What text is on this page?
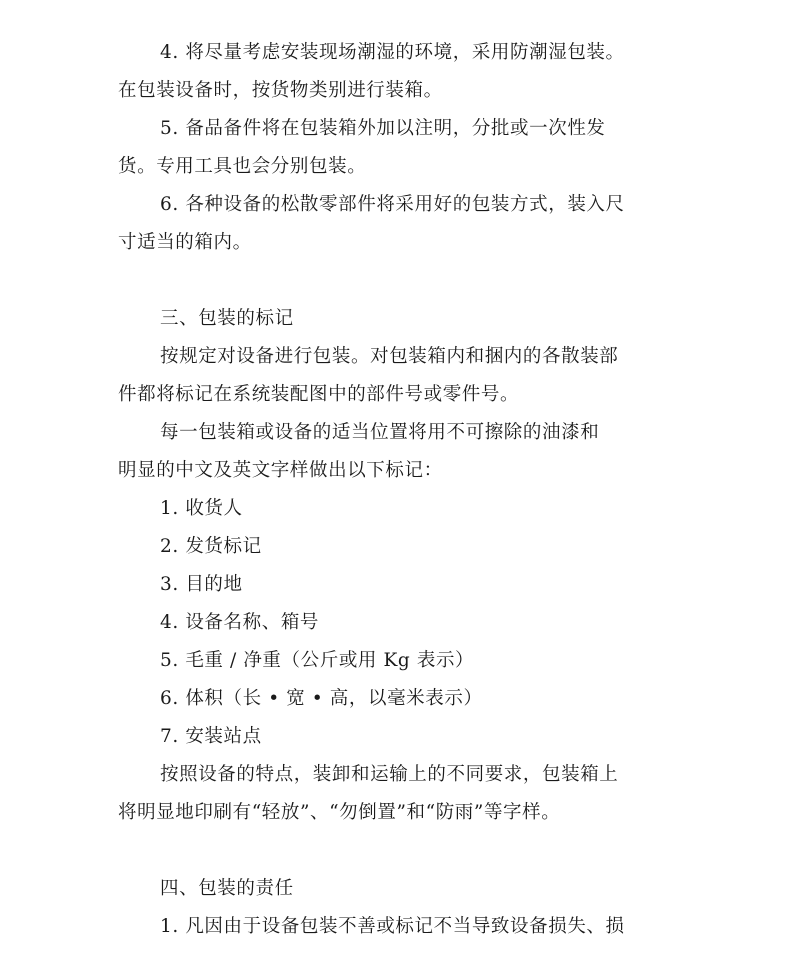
4. 将尽量考虑安装现场潮湿的环境，采用防潮湿包装。
在包装设备时，按货物类别进行装箱。
5. 备品备件将在包装箱外加以注明，分批或一次性发
货。专用工具也会分别包装。
6. 各种设备的松散零部件将采用好的包装方式，装入尺
寸适当的箱内。
三、包装的标记
按规定对设备进行包装。对包装箱内和捆内的各散装部
件都将标记在系统装配图中的部件号或零件号。
每一包装箱或设备的适当位置将用不可擦除的油漆和
明显的中文及英文字样做出以下标记：
1. 收货人
2. 发货标记
3. 目的地
4. 设备名称、箱号
5. 毛重 / 净重（公斤或用 Kg 表示）
6. 体积（长 • 宽 • 高，以毫米表示）
7. 安装站点
按照设备的特点，装卸和运输上的不同要求，包装箱上
将明显地印刷有“轻放”、“勿倒置”和“防雨”等字样。
四、包装的责任
1. 凡因由于设备包装不善或标记不当导致设备损失、损
